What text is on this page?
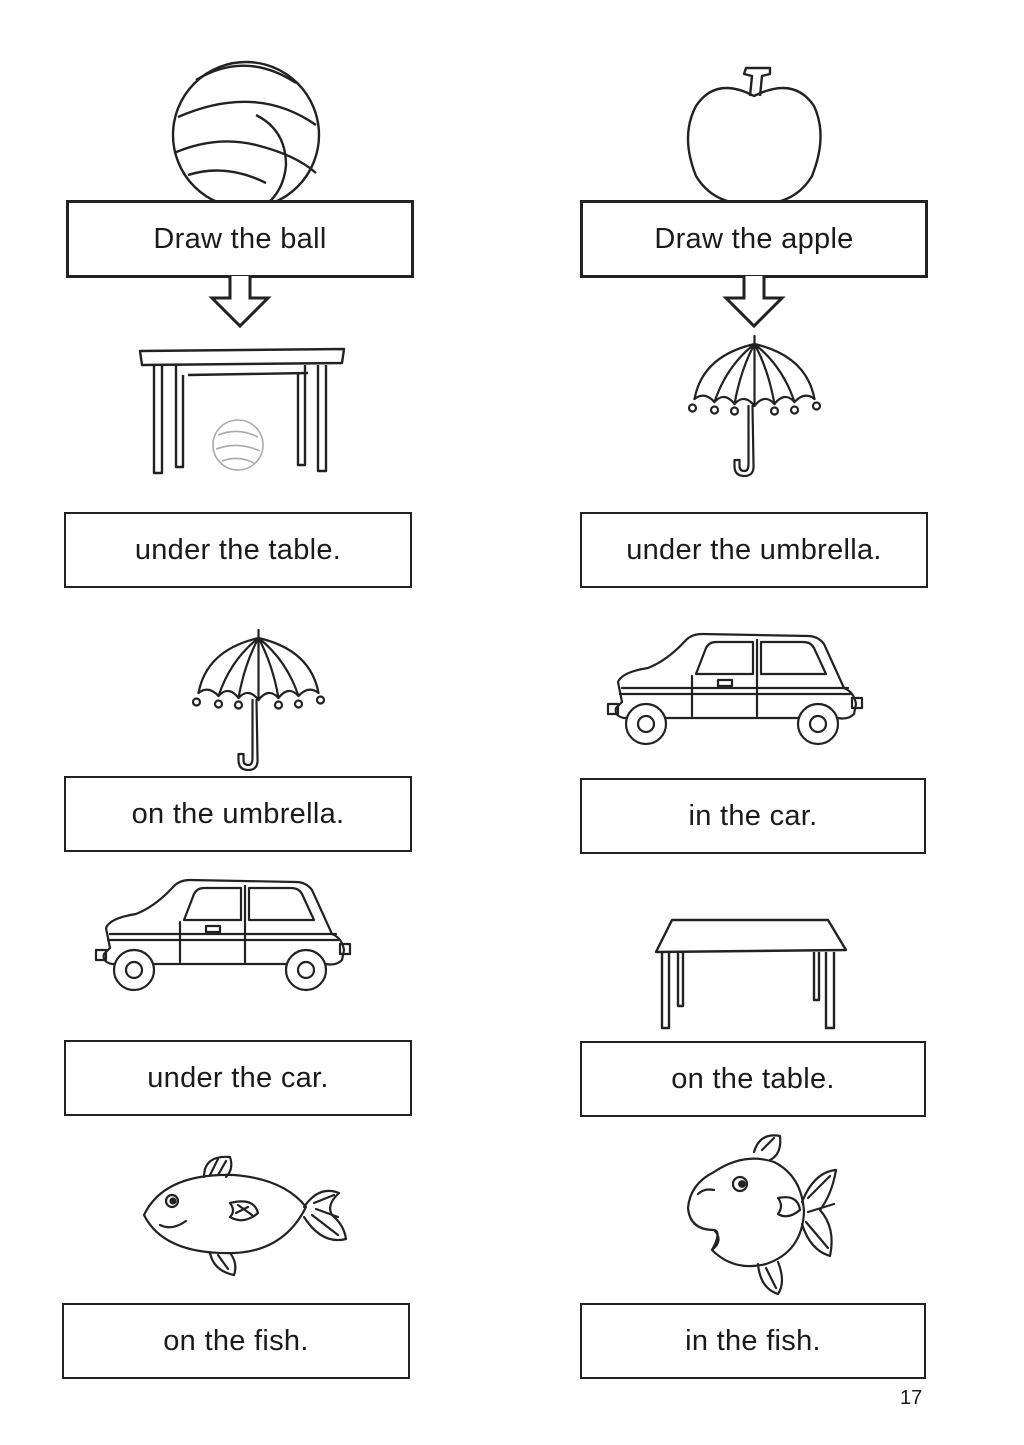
Draw the ball
under the table.
on the umbrella.
under the car.
on the fish.
Draw the apple
under the umbrella.
in the car.
on the table.
in the fish.
17
